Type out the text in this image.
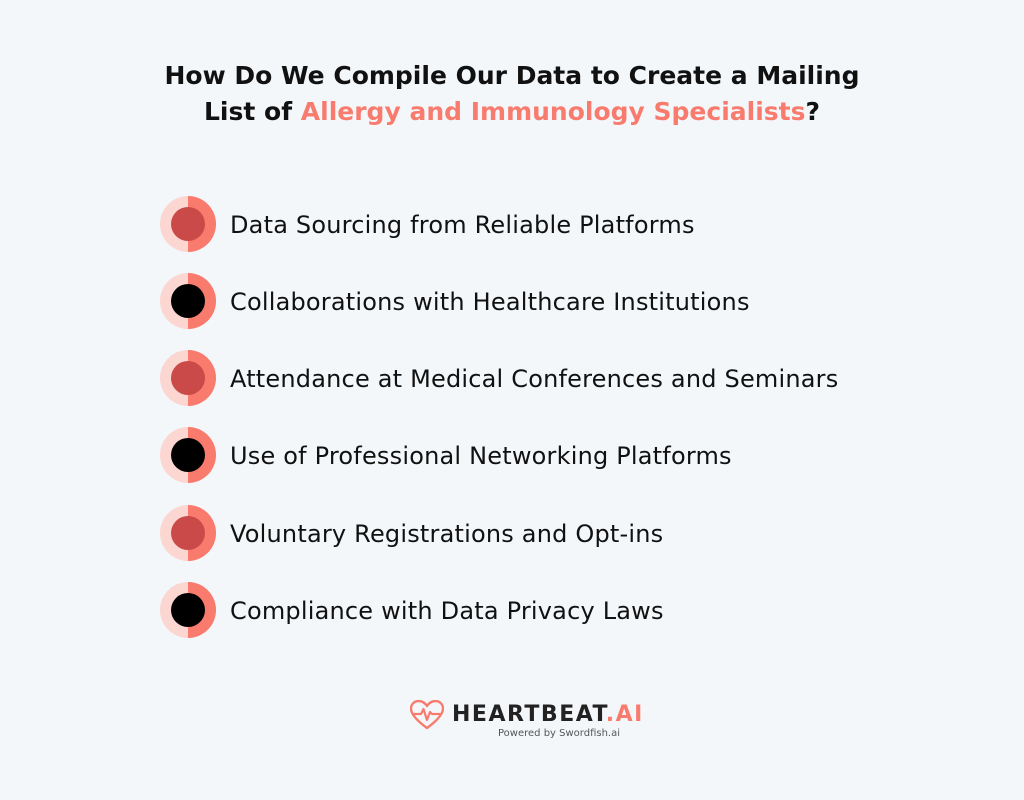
How Do We Compile Our Data to Create a Mailing
List of Allergy and Immunology Specialists?
Data Sourcing from Reliable Platforms
Collaborations with Healthcare Institutions
Attendance at Medical Conferences and Seminars
Use of Professional Networking Platforms
Voluntary Registrations and Opt-ins
Compliance with Data Privacy Laws
HEARTBEAT.AI
Powered by Swordfish.ai
